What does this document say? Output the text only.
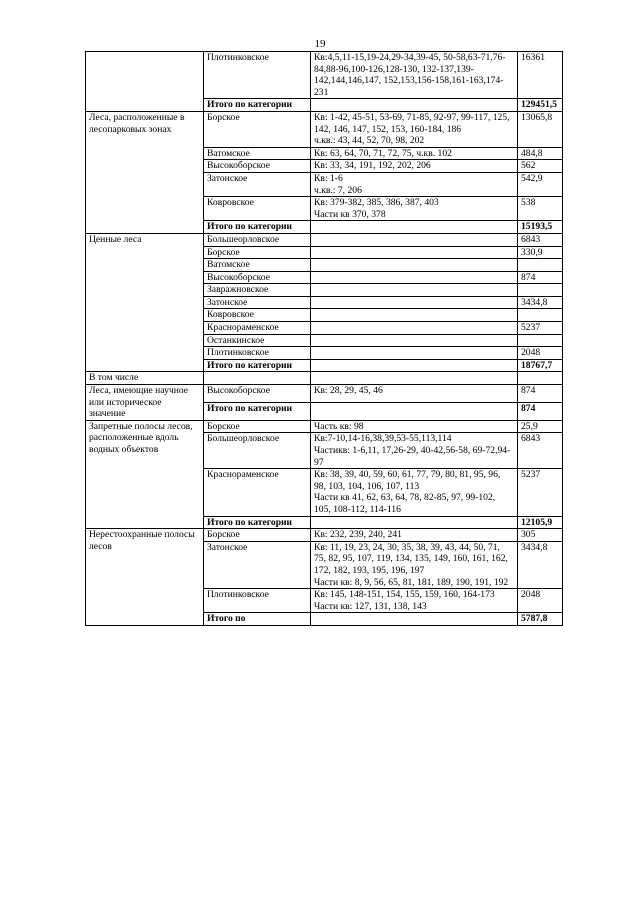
19
	Плотинковское	Кв:4,5,11-15,19-24,29-34,39-45, 50-58,63-71,76-84,88-96,100-126,128-130, 132-137,139-142,144,146,147, 152,153,156-158,161-163,174-231	16361
	Итого по категории		129451,5
Леса, расположенные в лесопарковых зонах	Борское	Кв: 1-42, 45-51, 53-69, 71-85, 92-97, 99-117, 125, 142, 146, 147, 152, 153, 160-184, 186
ч.кв.: 43, 44, 52, 70, 98, 202	13065,8
	Ватомское	Кв: 63, 64, 70, 71, 72, 75, ч.кв. 102	484,8
	Высокоборское	Кв: 33, 34, 191, 192, 202, 206	562
	Затонское	Кв: 1-6
ч.кв.: 7, 206	542,9
	Ковровское	Кв: 379-382, 385, 386, 387, 403
Части кв 370, 378	538
	Итого по категории		15193,5
Ценные леса	Большеорловское		6843
	Борское		330,9
	Ватомское		
	Высокоборское		874
	Завражновское		
	Затонское		3434,8
	Ковровское		
	Краснораменское		5237
	Останкинское		
	Плотинковское		2048
	Итого по категории		18767,7
В том числе			
Леса, имеющие научное или историческое значение	Высокоборское	Кв: 28, 29, 45, 46	874
	Итого по категории		874
Запретные полосы лесов, расположенные вдоль водных объектов	Борское	Часть кв: 98	25,9
	Большеорловское	Кв:7-10,14-16,38,39,53-55,113,114
Частикв: 1-6,11, 17,26-29, 40-42,56-58, 69-72,94-97	6843
	Краснораменское	Кв: 38, 39, 40, 59, 60, 61, 77, 79, 80, 81, 95, 96, 98, 103, 104, 106, 107, 113
Части кв 41, 62, 63, 64, 78, 82-85, 97, 99-102, 105, 108-112, 114-116	5237
	Итого по категории		12105,9
Нерестоохранные полосы лесов	Борское	Кв: 232, 239, 240, 241	305
	Затонское	Кв: 11, 19, 23, 24, 30, 35, 38, 39, 43, 44, 50, 71, 75, 82, 95, 107, 119, 134, 135, 149, 160, 161, 162, 172, 182, 193, 195, 196, 197
Части кв: 8, 9, 56, 65, 81, 181, 189, 190, 191, 192	3434,8
	Плотинковское	Кв: 145, 148-151, 154, 155, 159, 160, 164-173
Части кв: 127, 131, 138, 143	2048
	Итого по		5787,8
